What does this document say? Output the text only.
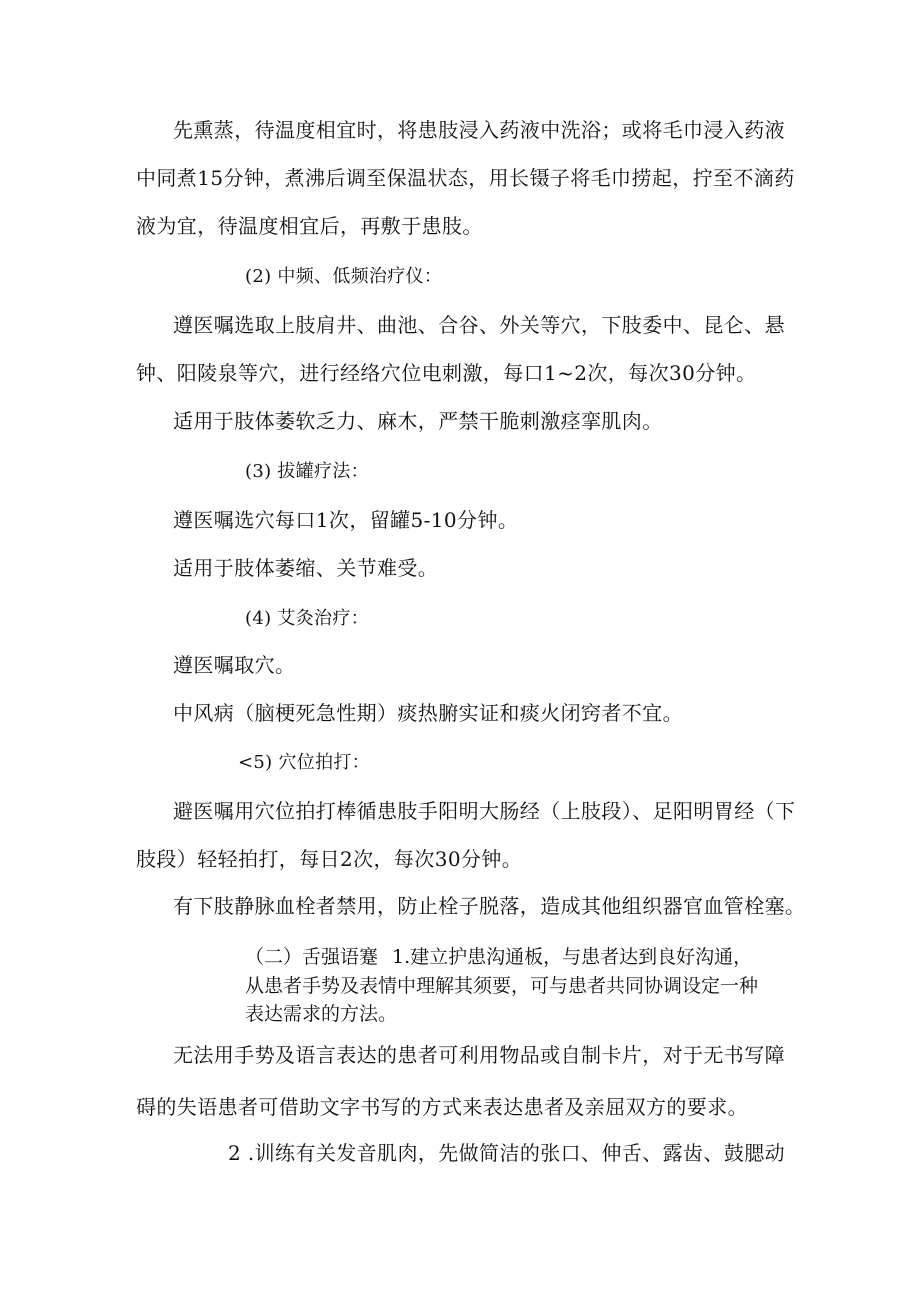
先熏蒸，待温度相宜时，将患肢浸入药液中洗浴；或将毛巾浸入药液
中同煮15分钟，煮沸后调至保温状态，用长镊子将毛巾捞起，拧至不滴药
液为宜，待温度相宜后，再敷于患肢。
(2) 中频、低频治疗仪：
遵医嘱选取上肢肩井、曲池、合谷、外关等穴，下肢委中、昆仑、悬
钟、阳陵泉等穴，进行经络穴位电刺激，每口1~2次，每次30分钟。
适用于肢体萎软乏力、麻木，严禁干脆刺激痉挛肌肉。
(3) 拔罐疗法：
遵医嘱选穴每口1次，留罐5-10分钟。
适用于肢体萎缩、关节难受。
(4) 艾灸治疗：
遵医嘱取穴。
中风病（脑梗死急性期）痰热腑实证和痰火闭窍者不宜。
<5) 穴位拍打：
避医嘱用穴位拍打棒循患肢手阳明大肠经（上肢段）、足阳明胃经（下
肢段）轻轻拍打，每日2次，每次30分钟。
有下肢静脉血栓者禁用，防止栓子脱落，造成其他组织器官血管栓塞。
（二）舌强语蹇 1.建立护患沟通板，与患者达到良好沟通，
从患者手势及表情中理解其须要，可与患者共同协调设定一种
表达需求的方法。
无法用手势及语言表达的患者可利用物品或自制卡片，对于无书写障
碍的失语患者可借助文字书写的方式来表达患者及亲屈双方的要求。
2 .训练有关发音肌肉，先做简洁的张口、伸舌、露齿、鼓腮动
